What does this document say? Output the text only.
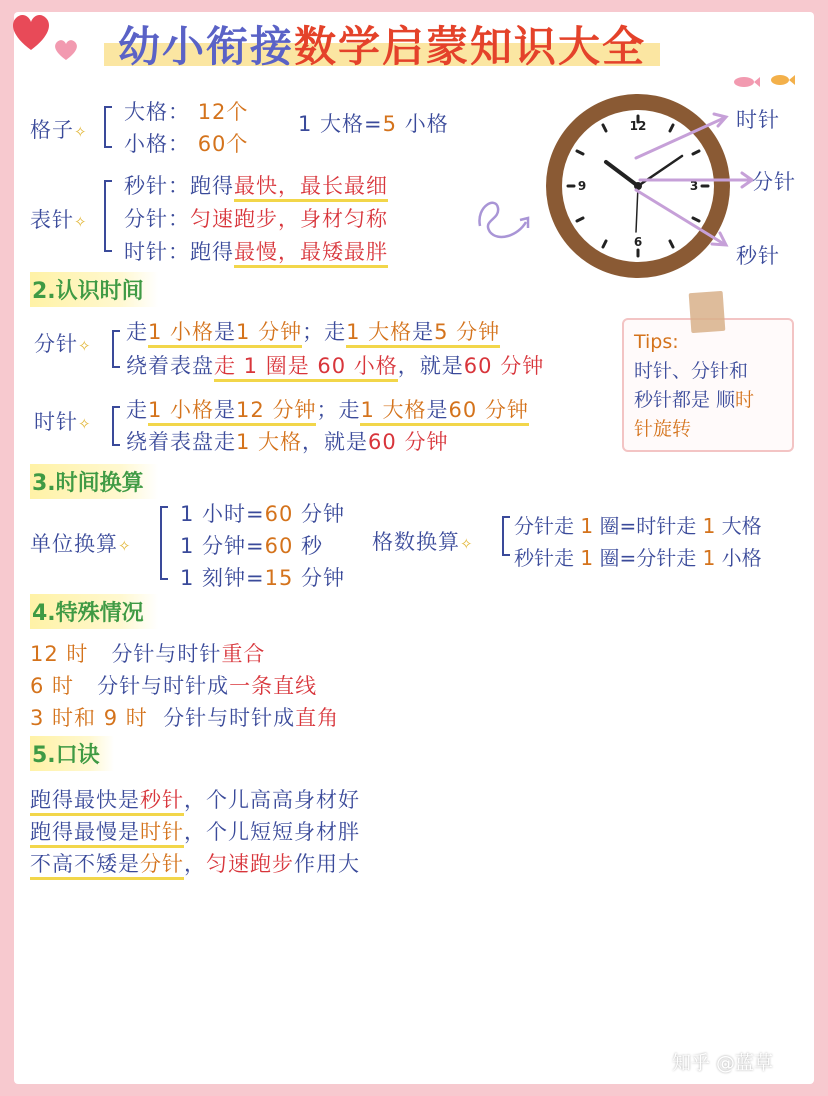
幼小衔接数学启蒙知识大全
格子✧
大格： 12个
小格： 60个
1 大格=5 小格
表针✧
秒针：跑得最快，最长最细
分针：匀速跑步，身材匀称
时针：跑得最慢，最矮最胖
12
3
6
9
时针
分针
秒针
2.认识时间
分针✧
走1 小格是1 分钟；走1 大格是5 分钟
绕着表盘走 1 圈是 60 小格，就是60 分钟
时针✧
走1 小格是12 分钟；走1 大格是60 分钟
绕着表盘走1 大格，就是60 分钟
Tips:
时针、分针和
秒针都是 顺时
针旋转
3.时间换算
单位换算✧
1 小时=60 分钟
1 分钟=60 秒
1 刻钟=15 分钟
格数换算✧
分针走 1 圈=时针走 1 大格
秒针走 1 圈=分针走 1 小格
4.特殊情况
12 时 分针与时针重合
6 时 分针与时针成一条直线
3 时和 9 时 分针与时针成直角
5.口诀
跑得最快是秒针，个儿高高身材好
跑得最慢是时针，个儿短短身材胖
不高不矮是分针，匀速跑步作用大
知乎 @蓝草
